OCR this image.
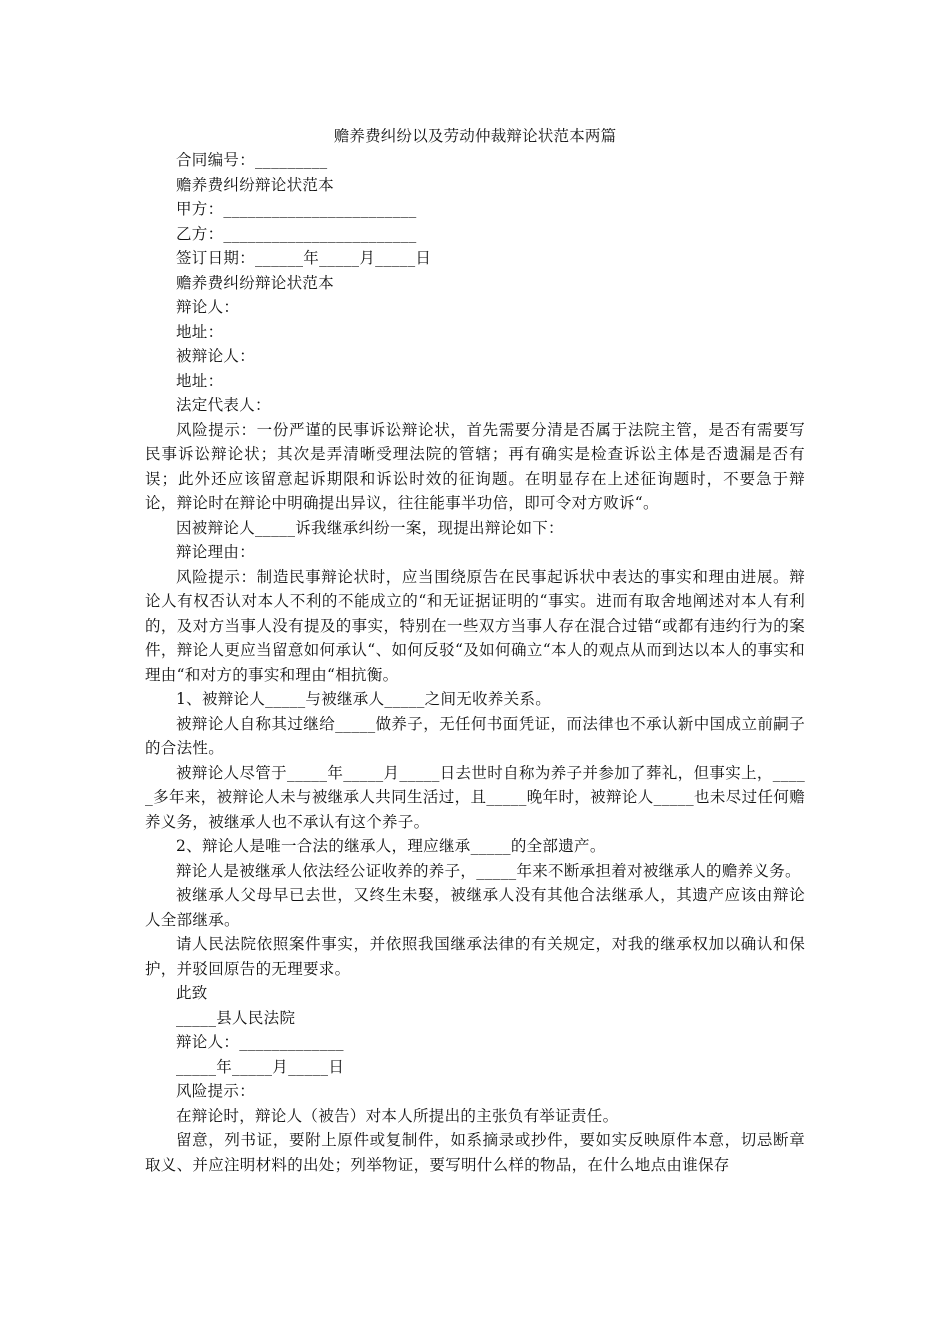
赡养费纠纷以及劳动仲裁辩论状范本两篇

合同编号：_________

赡养费纠纷辩论状范本

甲方：________________________

乙方：________________________

签订日期：______年_____月_____日

赡养费纠纷辩论状范本

辩论人：

地址：

被辩论人：

地址：

法定代表人：

风险提示：一份严谨的民事诉讼辩论状，首先需要分清是否属于法院主管，是否有需要写民事诉讼辩论状；其次是弄清晰受理法院的管辖；再有确实是检查诉讼主体是否遗漏是否有误；此外还应该留意起诉期限和诉讼时效的征询题。在明显存在上述征询题时，不要急于辩论，辩论时在辩论中明确提出异议，往往能事半功倍，即可令对方败诉“。

因被辩论人_____诉我继承纠纷一案，现提出辩论如下：

辩论理由：

风险提示：制造民事辩论状时，应当围绕原告在民事起诉状中表达的事实和理由进展。辩论人有权否认对本人不利的不能成立的“和无证据证明的“事实。进而有取舍地阐述对本人有利的，及对方当事人没有提及的事实，特别在一些双方当事人存在混合过错“或都有违约行为的案件，辩论人更应当留意如何承认“、如何反驳“及如何确立“本人的观点从而到达以本人的事实和理由“和对方的事实和理由“相抗衡。

1、被辩论人_____与被继承人_____之间无收养关系。

被辩论人自称其过继给_____做养子，无任何书面凭证，而法律也不承认新中国成立前嗣子的合法性。

被辩论人尽管于_____年_____月_____日去世时自称为养子并参加了葬礼，但事实上，_____多年来，被辩论人未与被继承人共同生活过，且_____晚年时，被辩论人_____也未尽过任何赡养义务，被继承人也不承认有这个养子。

2、辩论人是唯一合法的继承人，理应继承_____的全部遗产。

辩论人是被继承人依法经公证收养的养子，_____年来不断承担着对被继承人的赡养义务。

被继承人父母早已去世，又终生未娶，被继承人没有其他合法继承人，其遗产应该由辩论人全部继承。

请人民法院依照案件事实，并依照我国继承法律的有关规定，对我的继承权加以确认和保护，并驳回原告的无理要求。

此致

_____县人民法院

辩论人：_____________

_____年_____月_____日

风险提示：

在辩论时，辩论人（被告）对本人所提出的主张负有举证责任。

留意，列书证，要附上原件或复制件，如系摘录或抄件，要如实反映原件本意，切忌断章取义、并应注明材料的出处；列举物证，要写明什么样的物品，在什么地点由谁保存
